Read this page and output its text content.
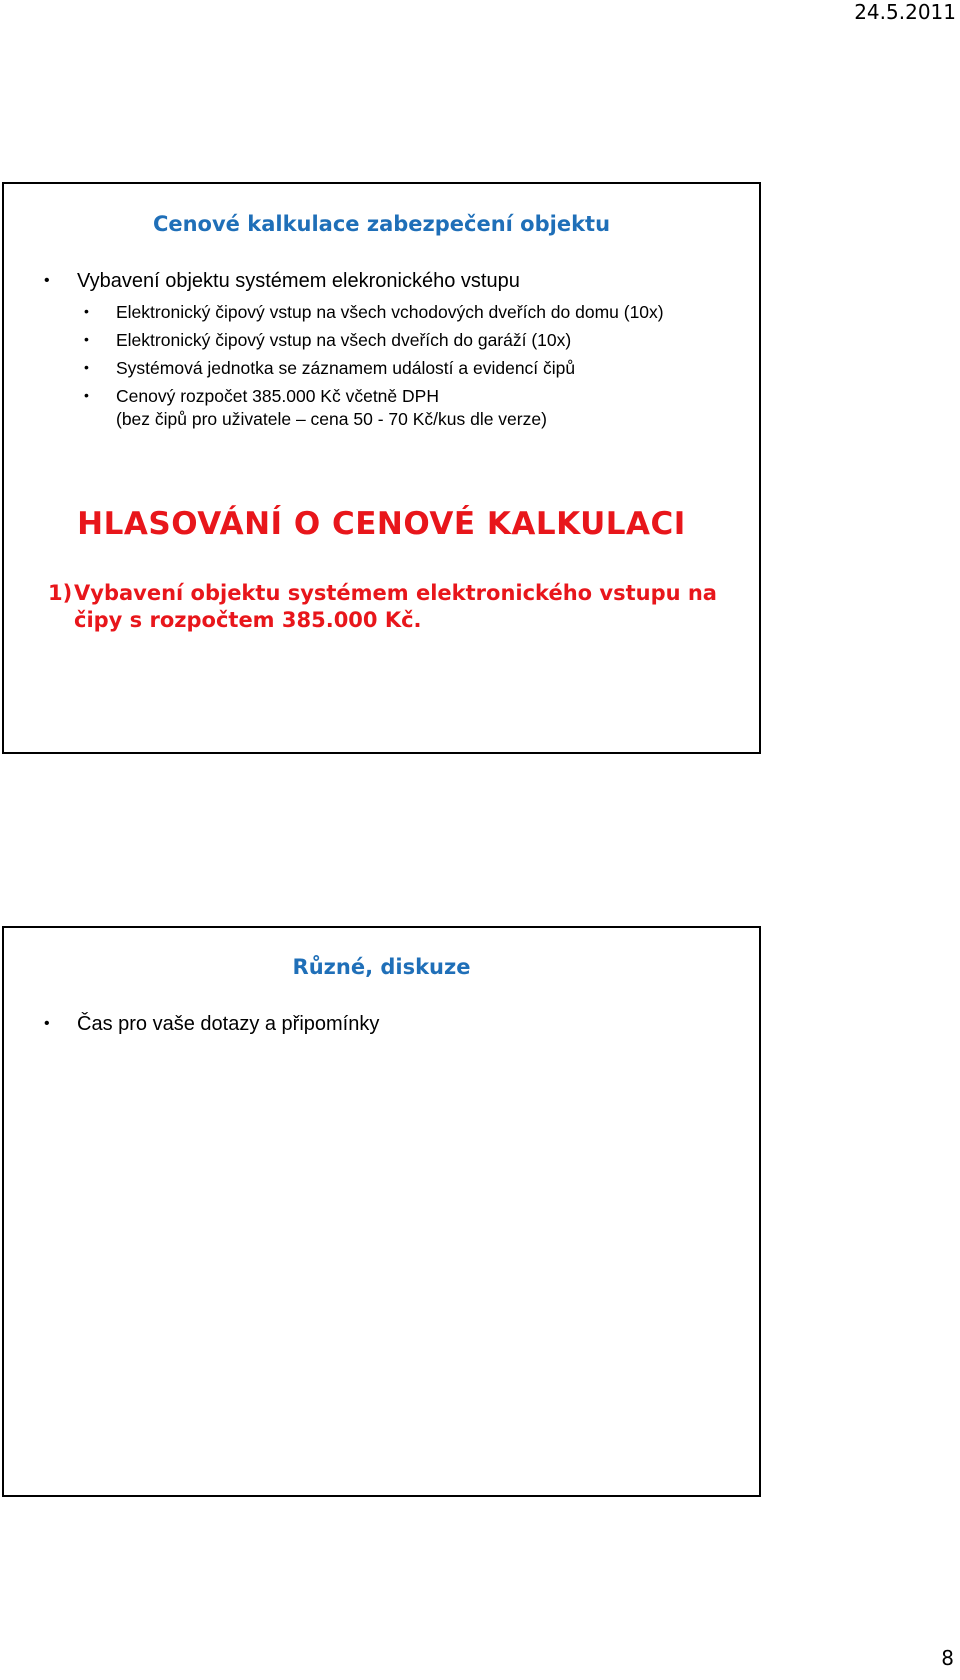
24.5.2011
Cenové kalkulace zabezpečení objektu
• Vybavení objektu systémem elekronického vstupu
• Elektronický čipový vstup na všech vchodových dveřích do domu (10x)
• Elektronický čipový vstup na všech dveřích do garáží (10x)
• Systémová jednotka se záznamem událostí a evidencí čipů
• Cenový rozpočet 385.000 Kč včetně DPH
(bez čipů pro uživatele – cena 50 - 70 Kč/kus dle verze)
HLASOVÁNÍ O CENOVÉ KALKULACI
1) Vybavení objektu systémem elektronického vstupu na čipy s rozpočtem 385.000 Kč.
Různé, diskuze
• Čas pro vaše dotazy a připomínky
8
